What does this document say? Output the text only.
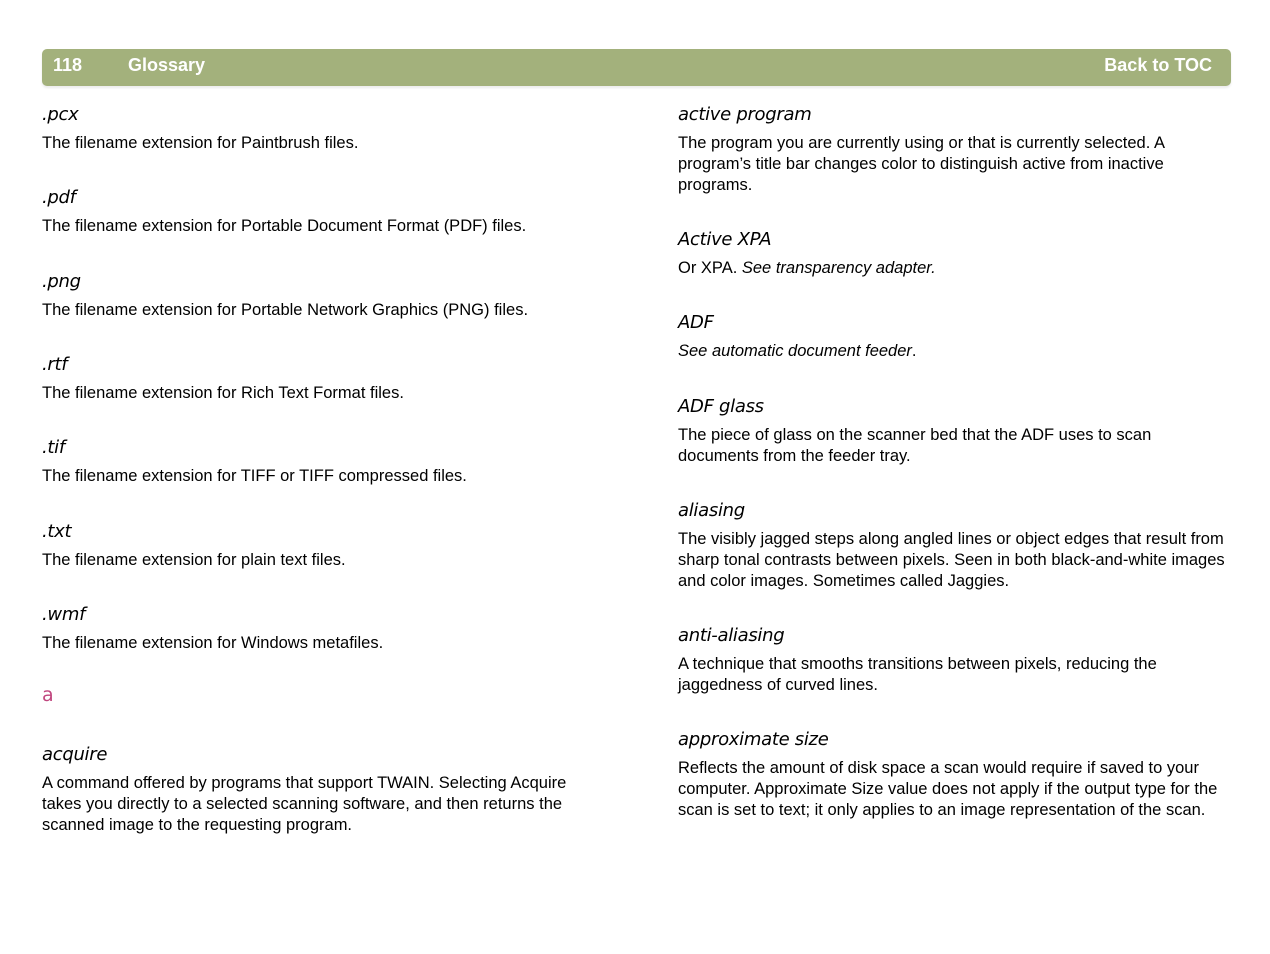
118	Glossary	Back to TOC
.pcx
The filename extension for Paintbrush files.
.pdf
The filename extension for Portable Document Format (PDF) files.
.png
The filename extension for Portable Network Graphics (PNG) files.
.rtf
The filename extension for Rich Text Format files.
.tif
The filename extension for TIFF or TIFF compressed files.
.txt
The filename extension for plain text files.
.wmf
The filename extension for Windows metafiles.
a
acquire
A command offered by programs that support TWAIN. Selecting Acquire takes you directly to a selected scanning software, and then returns the scanned image to the requesting program.
active program
The program you are currently using or that is currently selected. A program’s title bar changes color to distinguish active from inactive programs.
Active XPA
Or XPA. See transparency adapter.
ADF
See automatic document feeder.
ADF glass
The piece of glass on the scanner bed that the ADF uses to scan documents from the feeder tray.
aliasing
The visibly jagged steps along angled lines or object edges that result from sharp tonal contrasts between pixels. Seen in both black-and-white images and color images. Sometimes called Jaggies.
anti-aliasing
A technique that smooths transitions between pixels, reducing the jaggedness of curved lines.
approximate size
Reflects the amount of disk space a scan would require if saved to your computer. Approximate Size value does not apply if the output type for the scan is set to text; it only applies to an image representation of the scan.
